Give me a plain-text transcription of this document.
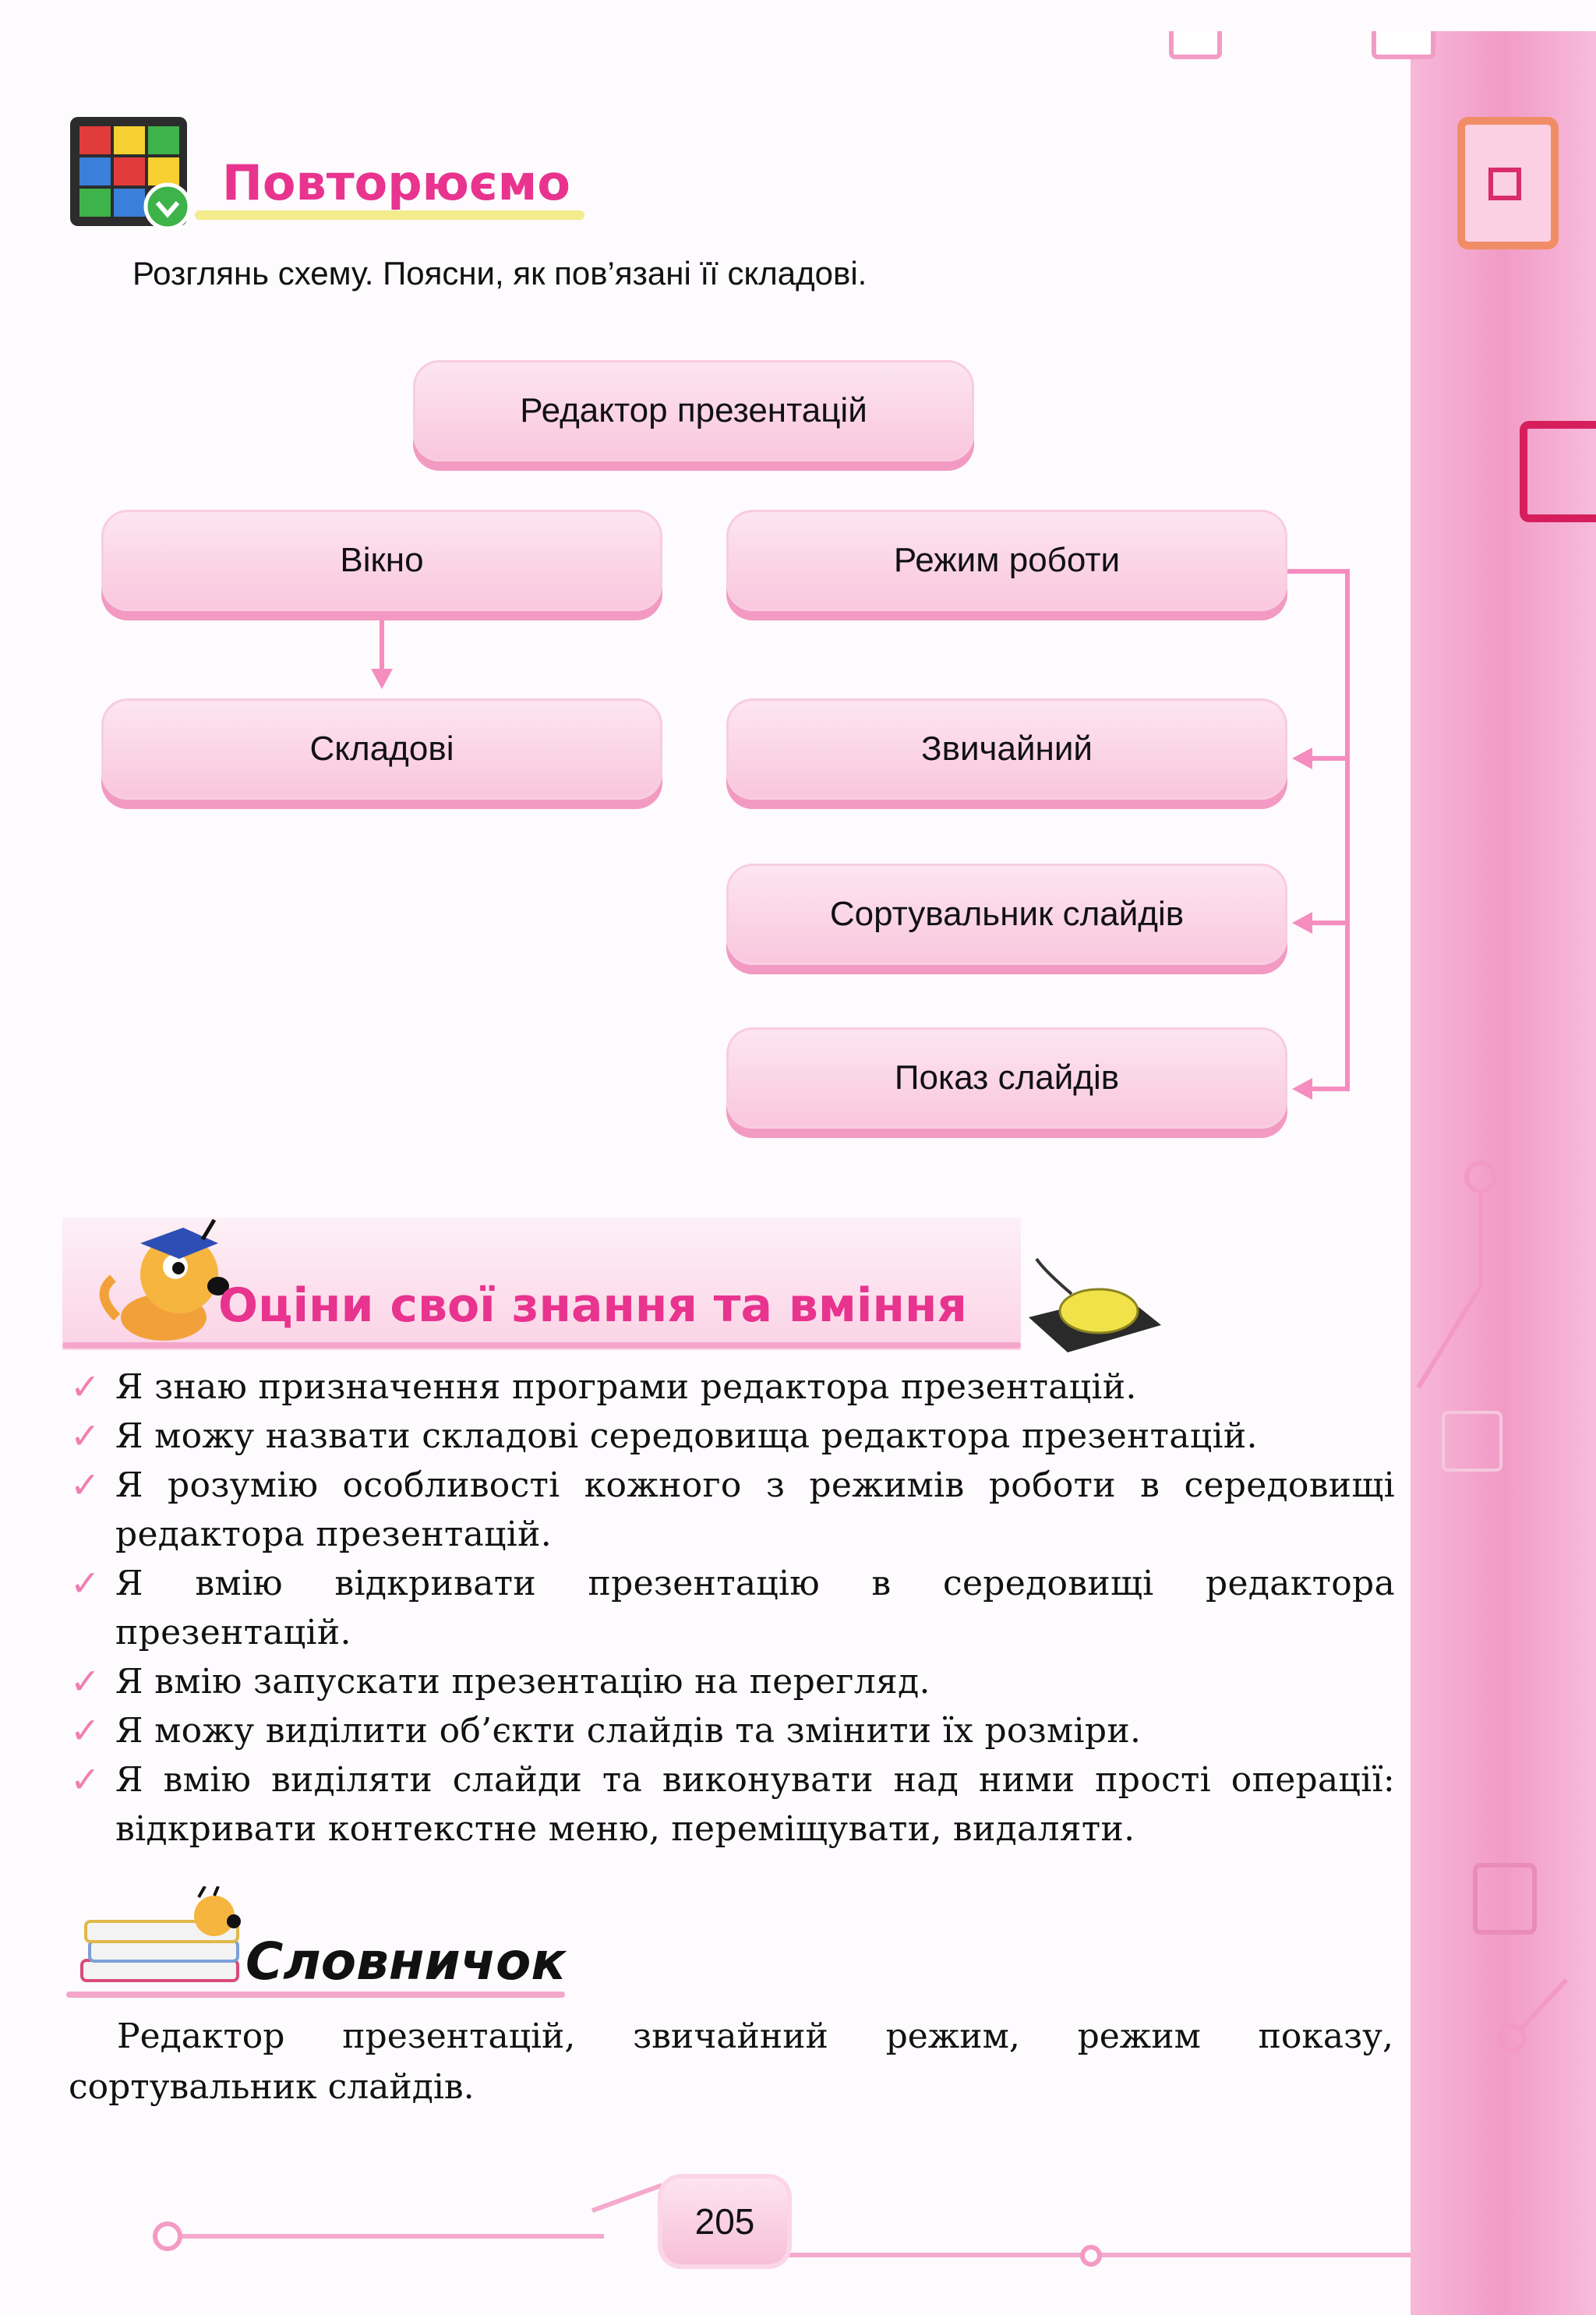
Повторюємо
Розглянь схему. Поясни, як пов’язані її складові.
Редактор презентацій
Вікно	Режим роботи
Складові	Звичайний
Сортувальник слайдів
Показ слайдів
Оціни свої знання та вміння
✓ Я знаю призначення програми редактора презентацій.
✓ Я можу назвати складові середовища редактора презентацій.
✓ Я розумію особливості кожного з режимів роботи в середовищі редактора презентацій.
✓ Я вмію відкривати презентацію в середовищі редактора презентацій.
✓ Я вмію запускати презентацію на перегляд.
✓ Я можу виділити об’єкти слайдів та змінити їх розміри.
✓ Я вмію виділяти слайди та виконувати над ними прості операції: відкривати контекстне меню, переміщувати, видаляти.
Словничок
Редактор презентацій, звичайний режим, режим показу, сортувальник слайдів.
205
